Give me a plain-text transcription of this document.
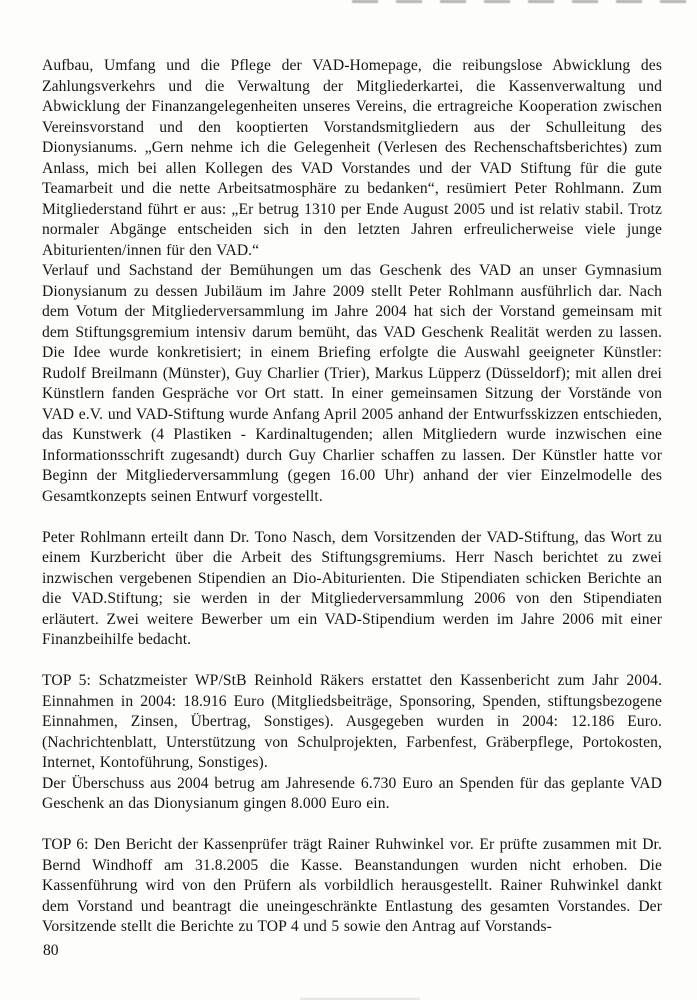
Aufbau, Umfang und die Pflege der VAD-Homepage, die reibungslose Abwicklung des Zahlungsverkehrs und die Verwaltung der Mitgliederkartei, die Kassenverwaltung und Abwicklung der Finanzangelegenheiten unseres Vereins, die ertragreiche Kooperation zwischen Vereinsvorstand und den kooptierten Vorstandsmitgliedern aus der Schulleitung des Dionysianums. „Gern nehme ich die Gelegenheit (Verlesen des Rechenschaftsberichtes) zum Anlass, mich bei allen Kollegen des VAD Vorstandes und der VAD Stiftung für die gute Teamarbeit und die nette Arbeitsatmosphäre zu bedanken“, resümiert Peter Rohlmann. Zum Mitgliederstand führt er aus: „Er betrug 1310 per Ende August 2005 und ist relativ stabil. Trotz normaler Abgänge entscheiden sich in den letzten Jahren erfreulicherweise viele junge Abiturienten/innen für den VAD.“

Verlauf und Sachstand der Bemühungen um das Geschenk des VAD an unser Gymnasium Dionysianum zu dessen Jubiläum im Jahre 2009 stellt Peter Rohlmann ausführlich dar. Nach dem Votum der Mitgliederversammlung im Jahre 2004 hat sich der Vorstand gemeinsam mit dem Stiftungsgremium intensiv darum bemüht, das VAD Geschenk Realität werden zu lassen. Die Idee wurde konkretisiert; in einem Briefing erfolgte die Auswahl geeigneter Künstler: Rudolf Breilmann (Münster), Guy Charlier (Trier), Markus Lüpperz (Düsseldorf); mit allen drei Künstlern fanden Gespräche vor Ort statt. In einer gemeinsamen Sitzung der Vorstände von VAD e.V. und VAD-Stiftung wurde Anfang April 2005 anhand der Entwurfsskizzen entschieden, das Kunstwerk (4 Plastiken - Kardinaltugenden; allen Mitgliedern wurde inzwischen eine Informationsschrift zugesandt) durch Guy Charlier schaffen zu lassen. Der Künstler hatte vor Beginn der Mitgliederversammlung (gegen 16.00 Uhr) anhand der vier Einzelmodelle des Gesamtkonzepts seinen Entwurf vorgestellt.

Peter Rohlmann erteilt dann Dr. Tono Nasch, dem Vorsitzenden der VAD-Stiftung, das Wort zu einem Kurzbericht über die Arbeit des Stiftungsgremiums. Herr Nasch berichtet zu zwei inzwischen vergebenen Stipendien an Dio-Abiturienten. Die Stipendiaten schicken Berichte an die VAD.Stiftung; sie werden in der Mitgliederversammlung 2006 von den Stipendiaten erläutert. Zwei weitere Bewerber um ein VAD-Stipendium werden im Jahre 2006 mit einer Finanzbeihilfe bedacht.

TOP 5: Schatzmeister WP/StB Reinhold Räkers erstattet den Kassenbericht zum Jahr 2004. Einnahmen in 2004: 18.916 Euro (Mitgliedsbeiträge, Sponsoring, Spenden, stiftungsbezogene Einnahmen, Zinsen, Übertrag, Sonstiges). Ausgegeben wurden in 2004: 12.186 Euro. (Nachrichtenblatt, Unterstützung von Schulprojekten, Farbenfest, Gräberpflege, Portokosten, Internet, Kontoführung, Sonstiges).

Der Überschuss aus 2004 betrug am Jahresende 6.730 Euro an Spenden für das geplante VAD Geschenk an das Dionysianum gingen 8.000 Euro ein.

TOP 6: Den Bericht der Kassenprüfer trägt Rainer Ruhwinkel vor. Er prüfte zusammen mit Dr. Bernd Windhoff am 31.8.2005 die Kasse. Beanstandungen wurden nicht erhoben. Die Kassenführung wird von den Prüfern als vorbildlich herausgestellt. Rainer Ruhwinkel dankt dem Vorstand und beantragt die uneingeschränkte Entlastung des gesamten Vorstandes. Der Vorsitzende stellt die Berichte zu TOP 4 und 5 sowie den Antrag auf Vorstands-

80
